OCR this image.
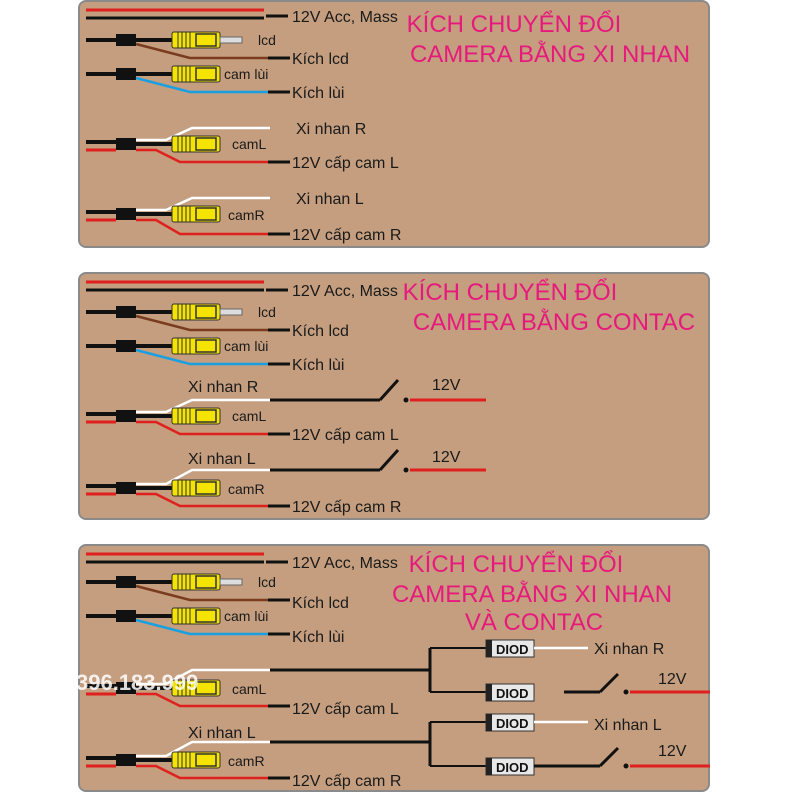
12V Acc, Mass
lcd
Kích lcd
cam lùi
Kích lùi
Xi nhan R
camL
12V cấp cam L
Xi nhan L
camR
12V cấp cam R
KÍCH CHUYỂN ĐỔI
CAMERA BẰNG XI NHAN
12V Acc, Mass
lcd
Kích lcd
cam lùi
Kích lùi
Xi nhan R	12V
camL
12V cấp cam L
Xi nhan L	12V
camR
12V cấp cam R
KÍCH CHUYỂN ĐỔI
CAMERA BẰNG CONTAC
12V Acc, Mass
lcd
Kích lcd
cam lùi
Kích lùi
camL
12V cấp cam L
DIOD	Xi nhan R
DIOD
12V
Xi nhan L
camR
12V cấp cam R
DIOD	Xi nhan L
DIOD
12V
KÍCH CHUYỂN ĐỔI
CAMERA BẰNG XI NHAN
VÀ CONTAC
LINE:
396.183.999
